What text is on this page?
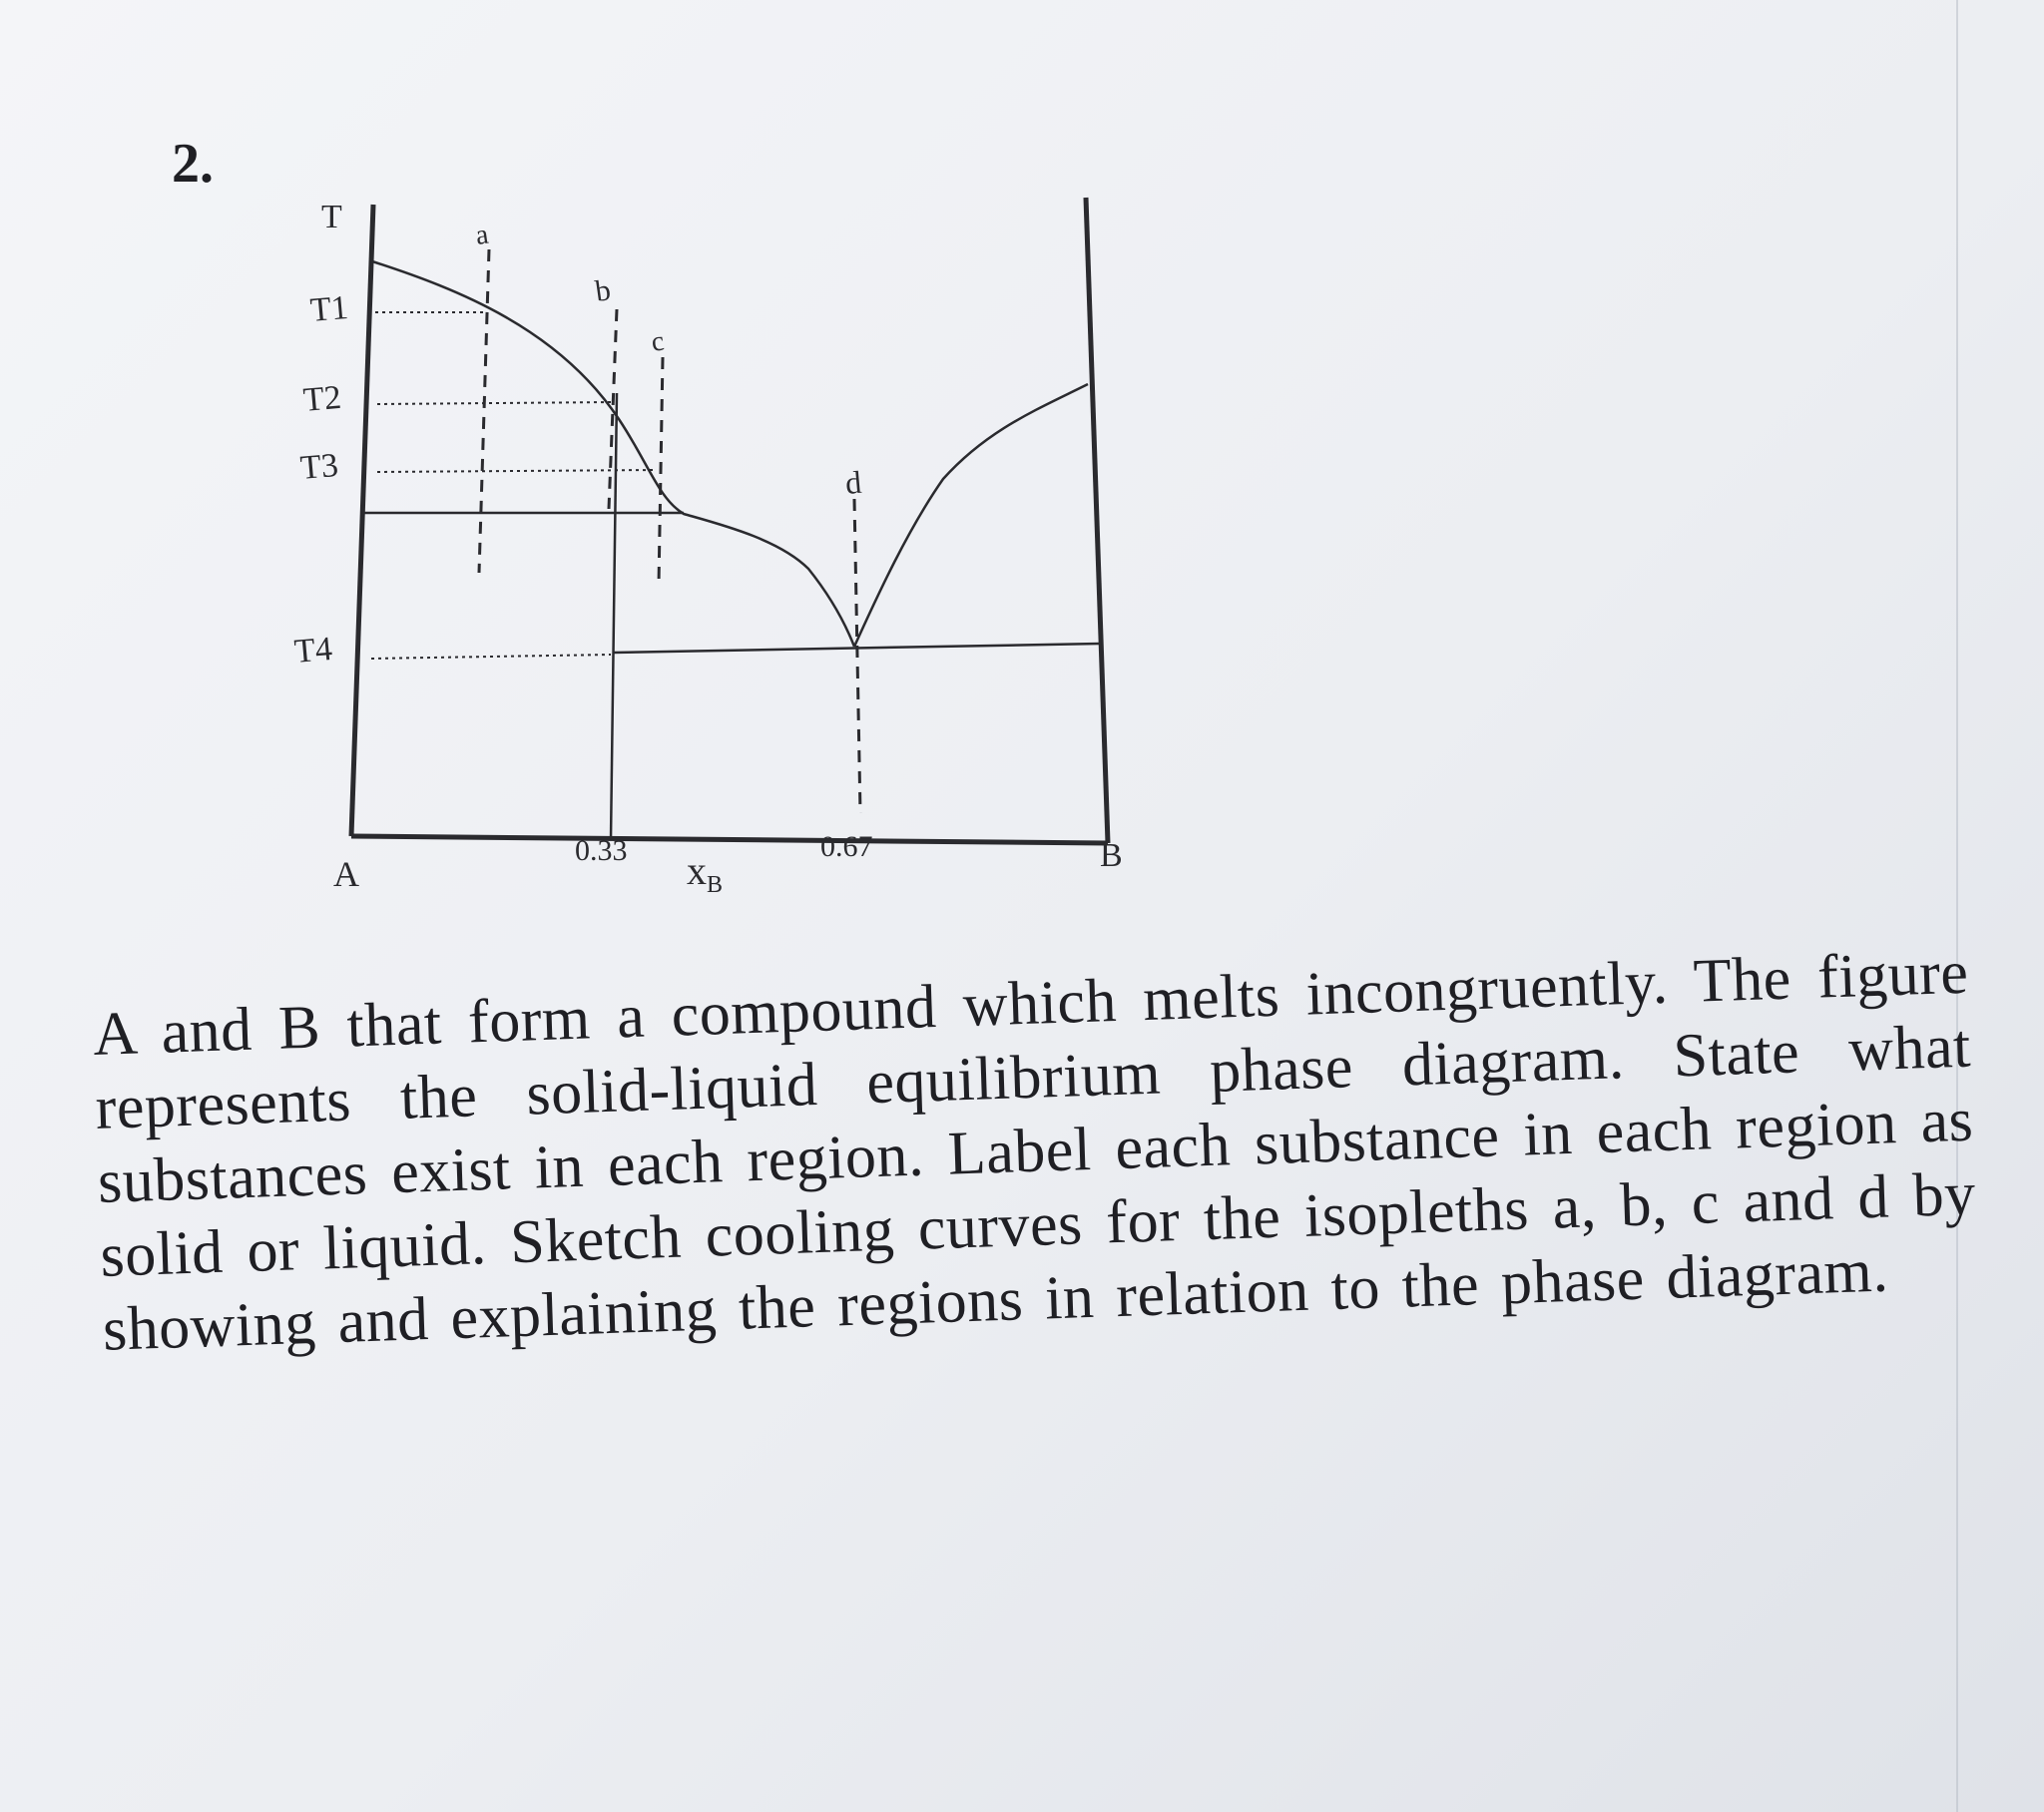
2.
T
T1
T2
T3
T4
a
b
c
d
0.33	0.67
A	B
$x_B$
A and B that form a compound which melts incongruently. The figure represents the solid-liquid equilibrium phase diagram. State what substances exist in each region. Label each substance in each region as solid or liquid. Sketch cooling curves for the isopleths a, b, c and d by showing and explaining the regions in relation to the phase diagram.
